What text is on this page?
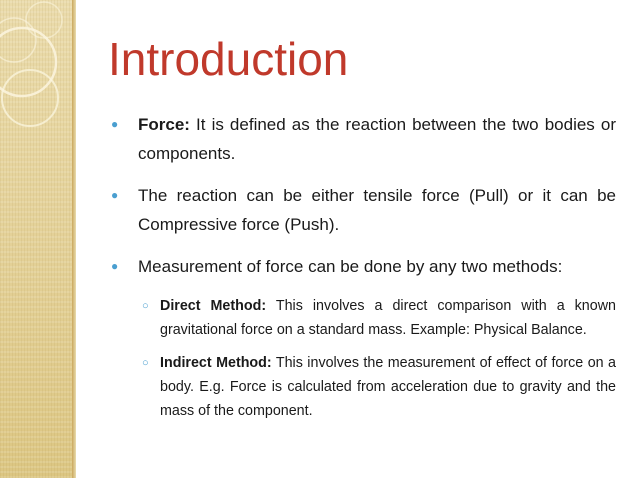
Introduction
● Force: It is defined as the reaction between the two bodies or components.
● The reaction can be either tensile force (Pull) or it can be Compressive force (Push).
● Measurement of force can be done by any two methods:
○ Direct Method: This involves a direct comparison with a known gravitational force on a standard mass. Example: Physical Balance.
○ Indirect Method: This involves the measurement of effect of force on a body. E.g. Force is calculated from acceleration due to gravity and the mass of the component.
